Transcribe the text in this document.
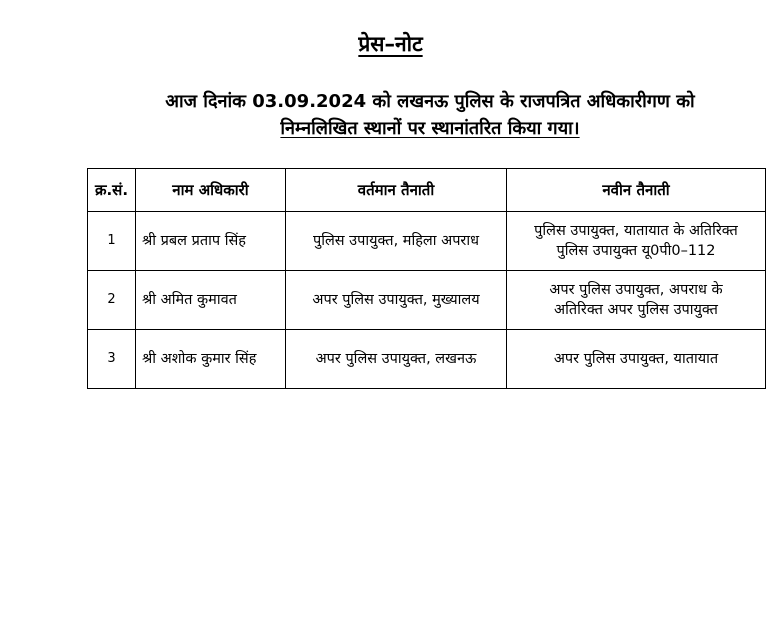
प्रेस–नोट
आज दिनांक 03.09.2024 को लखनऊ पुलिस के राजपत्रित अधिकारीगण को
निम्नलिखित स्थानों पर स्थानांतरित किया गया।
क्र.सं.	नाम अधिकारी	वर्तमान तैनाती	नवीन तैनाती
1	श्री प्रबल प्रताप सिंह	पुलिस उपायुक्त, महिला अपराध	पुलिस उपायुक्त, यातायात के अतिरिक्त
पुलिस उपायुक्त यू0पी0–112

2	श्री अमित कुमावत	अपर पुलिस उपायुक्त, मुख्यालय	अपर पुलिस उपायुक्त, अपराध के
अतिरिक्त अपर पुलिस उपायुक्त

3	श्री अशोक कुमार सिंह	अपर पुलिस उपायुक्त, लखनऊ	अपर पुलिस उपायुक्त, यातायात
